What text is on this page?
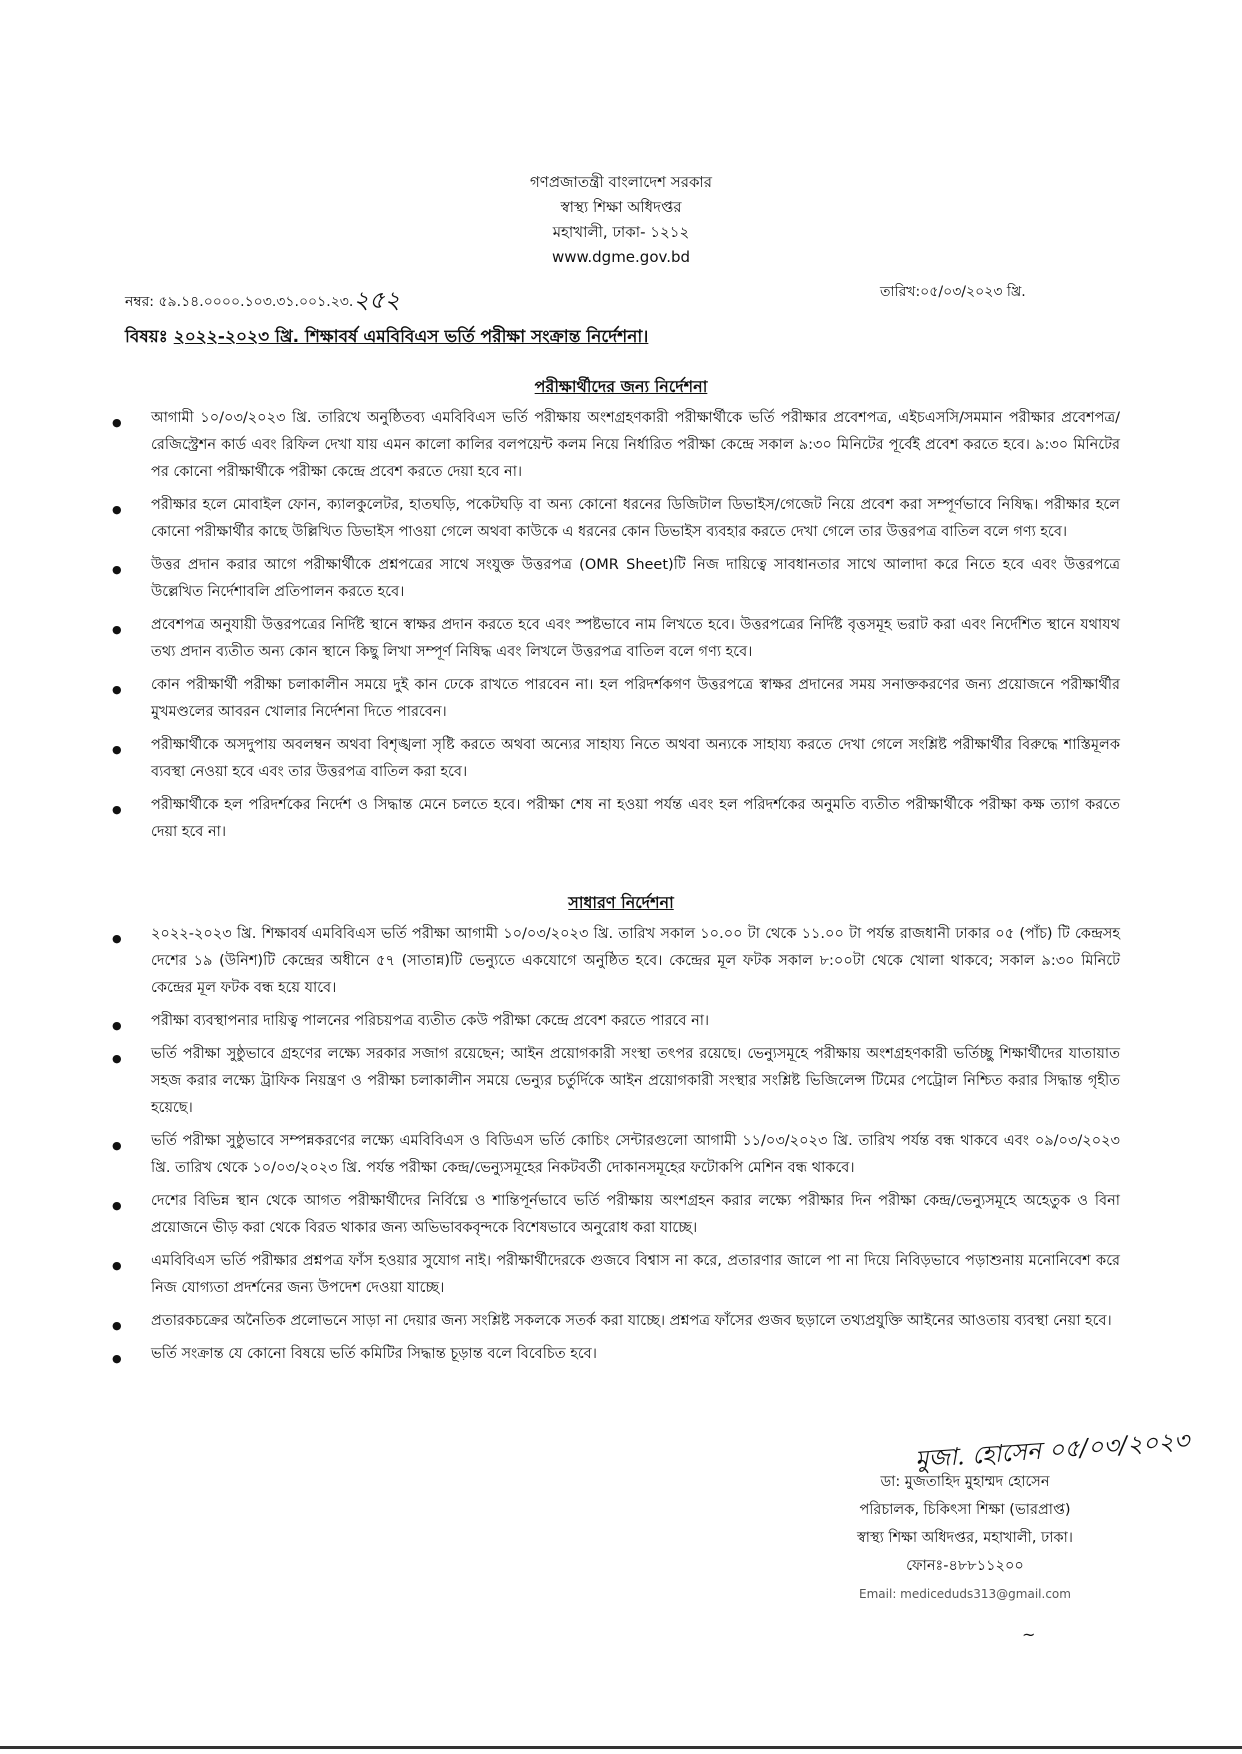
গণপ্রজাতন্ত্রী বাংলাদেশ সরকার
স্বাস্থ্য শিক্ষা অধিদপ্তর
মহাখালী, ঢাকা- ১২১২
www.dgme.gov.bd
নম্বর: ৫৯.১৪.০০০০.১০৩.৩১.০০১.২৩.২৫২	তারিখ:০৫/০৩/২০২৩ খ্রি.
বিষয়ঃ ২০২২-২০২৩ খ্রি. শিক্ষাবর্ষ এমবিবিএস ভর্তি পরীক্ষা সংক্রান্ত নির্দেশনা।
পরীক্ষার্থীদের জন্য নির্দেশনা
● আগামী ১০/০৩/২০২৩ খ্রি. তারিখে অনুষ্ঠিতব্য এমবিবিএস ভর্তি পরীক্ষায় অংশগ্রহণকারী পরীক্ষার্থীকে ভর্তি পরীক্ষার প্রবেশপত্র, এইচএসসি/সমমান পরীক্ষার প্রবেশপত্র/রেজিস্ট্রেশন কার্ড এবং রিফিল দেখা যায় এমন কালো কালির বলপয়েন্ট কলম নিয়ে নির্ধারিত পরীক্ষা কেন্দ্রে সকাল ৯:৩০ মিনিটের পূর্বেই প্রবেশ করতে হবে। ৯:৩০ মিনিটের পর কোনো পরীক্ষার্থীকে পরীক্ষা কেন্দ্রে প্রবেশ করতে দেয়া হবে না।
● পরীক্ষার হলে মোবাইল ফোন, ক্যালকুলেটর, হাতঘড়ি, পকেটঘড়ি বা অন্য কোনো ধরনের ডিজিটাল ডিভাইস/গেজেট নিয়ে প্রবেশ করা সম্পূর্ণভাবে নিষিদ্ধ। পরীক্ষার হলে কোনো পরীক্ষার্থীর কাছে উল্লিখিত ডিভাইস পাওয়া গেলে অথবা কাউকে এ ধরনের কোন ডিভাইস ব্যবহার করতে দেখা গেলে তার উত্তরপত্র বাতিল বলে গণ্য হবে।
● উত্তর প্রদান করার আগে পরীক্ষার্থীকে প্রশ্নপত্রের সাথে সংযুক্ত উত্তরপত্র (OMR Sheet)টি নিজ দায়িত্বে সাবধানতার সাথে আলাদা করে নিতে হবে এবং উত্তরপত্রে উল্লেখিত নির্দেশাবলি প্রতিপালন করতে হবে।
● প্রবেশপত্র অনুযায়ী উত্তরপত্রের নির্দিষ্ট স্থানে স্বাক্ষর প্রদান করতে হবে এবং স্পষ্টভাবে নাম লিখতে হবে। উত্তরপত্রের নির্দিষ্ট বৃত্তসমূহ ভরাট করা এবং নির্দেশিত স্থানে যথাযথ তথ্য প্রদান ব্যতীত অন্য কোন স্থানে কিছু লিখা সম্পূর্ণ নিষিদ্ধ এবং লিখলে উত্তরপত্র বাতিল বলে গণ্য হবে।
● কোন পরীক্ষার্থী পরীক্ষা চলাকালীন সময়ে দুই কান ঢেকে রাখতে পারবেন না। হল পরিদর্শকগণ উত্তরপত্রে স্বাক্ষর প্রদানের সময় সনাক্তকরণের জন্য প্রয়োজনে পরীক্ষার্থীর মুখমণ্ডলের আবরন খোলার নির্দেশনা দিতে পারবেন।
● পরীক্ষার্থীকে অসদুপায় অবলম্বন অথবা বিশৃঙ্খলা সৃষ্টি করতে অথবা অন্যের সাহায্য নিতে অথবা অন্যকে সাহায্য করতে দেখা গেলে সংশ্লিষ্ট পরীক্ষার্থীর বিরুদ্ধে শাস্তিমূলক ব্যবস্থা নেওয়া হবে এবং তার উত্তরপত্র বাতিল করা হবে।
● পরীক্ষার্থীকে হল পরিদর্শকের নির্দেশ ও সিদ্ধান্ত মেনে চলতে হবে। পরীক্ষা শেষ না হওয়া পর্যন্ত এবং হল পরিদর্শকের অনুমতি ব্যতীত পরীক্ষার্থীকে পরীক্ষা কক্ষ ত্যাগ করতে দেয়া হবে না।
সাধারণ নির্দেশনা
● ২০২২-২০২৩ খ্রি. শিক্ষাবর্ষ এমবিবিএস ভর্তি পরীক্ষা আগামী ১০/০৩/২০২৩ খ্রি. তারিখ সকাল ১০.০০ টা থেকে ১১.০০ টা পর্যন্ত রাজধানী ঢাকার ০৫ (পাঁচ) টি কেন্দ্রসহ দেশের ১৯ (উনিশ)টি কেন্দ্রের অধীনে ৫৭ (সাতান্ন)টি ভেন্যুতে একযোগে অনুষ্ঠিত হবে। কেন্দ্রের মূল ফটক সকাল ৮:০০টা থেকে খোলা থাকবে; সকাল ৯:৩০ মিনিটে কেন্দ্রের মূল ফটক বন্ধ হয়ে যাবে।
● পরীক্ষা ব্যবস্থাপনার দায়িত্ব পালনের পরিচয়পত্র ব্যতীত কেউ পরীক্ষা কেন্দ্রে প্রবেশ করতে পারবে না।
● ভর্তি পরীক্ষা সুষ্ঠুভাবে গ্রহণের লক্ষ্যে সরকার সজাগ রয়েছেন; আইন প্রয়োগকারী সংস্থা তৎপর রয়েছে। ভেন্যুসমূহে পরীক্ষায় অংশগ্রহণকারী ভর্তিচ্ছু শিক্ষার্থীদের যাতায়াত সহজ করার লক্ষ্যে ট্রাফিক নিয়ন্ত্রণ ও পরীক্ষা চলাকালীন সময়ে ভেন্যুর চর্তুর্দিকে আইন প্রয়োগকারী সংস্থার সংশ্লিষ্ট ভিজিলেন্স টিমের পেট্রোল নিশ্চিত করার সিদ্ধান্ত গৃহীত হয়েছে।
● ভর্তি পরীক্ষা সুষ্ঠুভাবে সম্পন্নকরণের লক্ষ্যে এমবিবিএস ও বিডিএস ভর্তি কোচিং সেন্টারগুলো আগামী ১১/০৩/২০২৩ খ্রি. তারিখ পর্যন্ত বন্ধ থাকবে এবং ০৯/০৩/২০২৩ খ্রি. তারিখ থেকে ১০/০৩/২০২৩ খ্রি. পর্যন্ত পরীক্ষা কেন্দ্র/ভেন্যুসমূহের নিকটবর্তী দোকানসমূহের ফটোকপি মেশিন বন্ধ থাকবে।
● দেশের বিভিন্ন স্থান থেকে আগত পরীক্ষার্থীদের নির্বিঘ্নে ও শান্তিপূর্নভাবে ভর্তি পরীক্ষায় অংশগ্রহন করার লক্ষ্যে পরীক্ষার দিন পরীক্ষা কেন্দ্র/ভেন্যুসমূহে অহেতুক ও বিনা প্রয়োজনে ভীড় করা থেকে বিরত থাকার জন্য অভিভাবকবৃন্দকে বিশেষভাবে অনুরোধ করা যাচ্ছে।
● এমবিবিএস ভর্তি পরীক্ষার প্রশ্নপত্র ফাঁস হওয়ার সুযোগ নাই। পরীক্ষার্থীদেরকে গুজবে বিশ্বাস না করে, প্রতারণার জালে পা না দিয়ে নিবিড়ভাবে পড়াশুনায় মনোনিবেশ করে নিজ যোগ্যতা প্রদর্শনের জন্য উপদেশ দেওয়া যাচ্ছে।
● প্রতারকচক্রের অনৈতিক প্রলোভনে সাড়া না দেয়ার জন্য সংশ্লিষ্ট সকলকে সতর্ক করা যাচ্ছে। প্রশ্নপত্র ফাঁসের গুজব ছড়ালে তথ্যপ্রযুক্তি আইনের আওতায় ব্যবস্থা নেয়া হবে।
● ভর্তি সংক্রান্ত যে কোনো বিষয়ে ভর্তি কমিটির সিদ্ধান্ত চূড়ান্ত বলে বিবেচিত হবে।
মুজা. হোসেন ০৫/০৩/২০২৩
ডা: মুজতাহিদ মুহাম্মদ হোসেন
পরিচালক, চিকিৎসা শিক্ষা (ভারপ্রাপ্ত)
স্বাস্থ্য শিক্ষা অধিদপ্তর, মহাখালী, ঢাকা।
ফোনঃ-৪৮৮১১২০০
Email: mediceduds313@gmail.com
~
